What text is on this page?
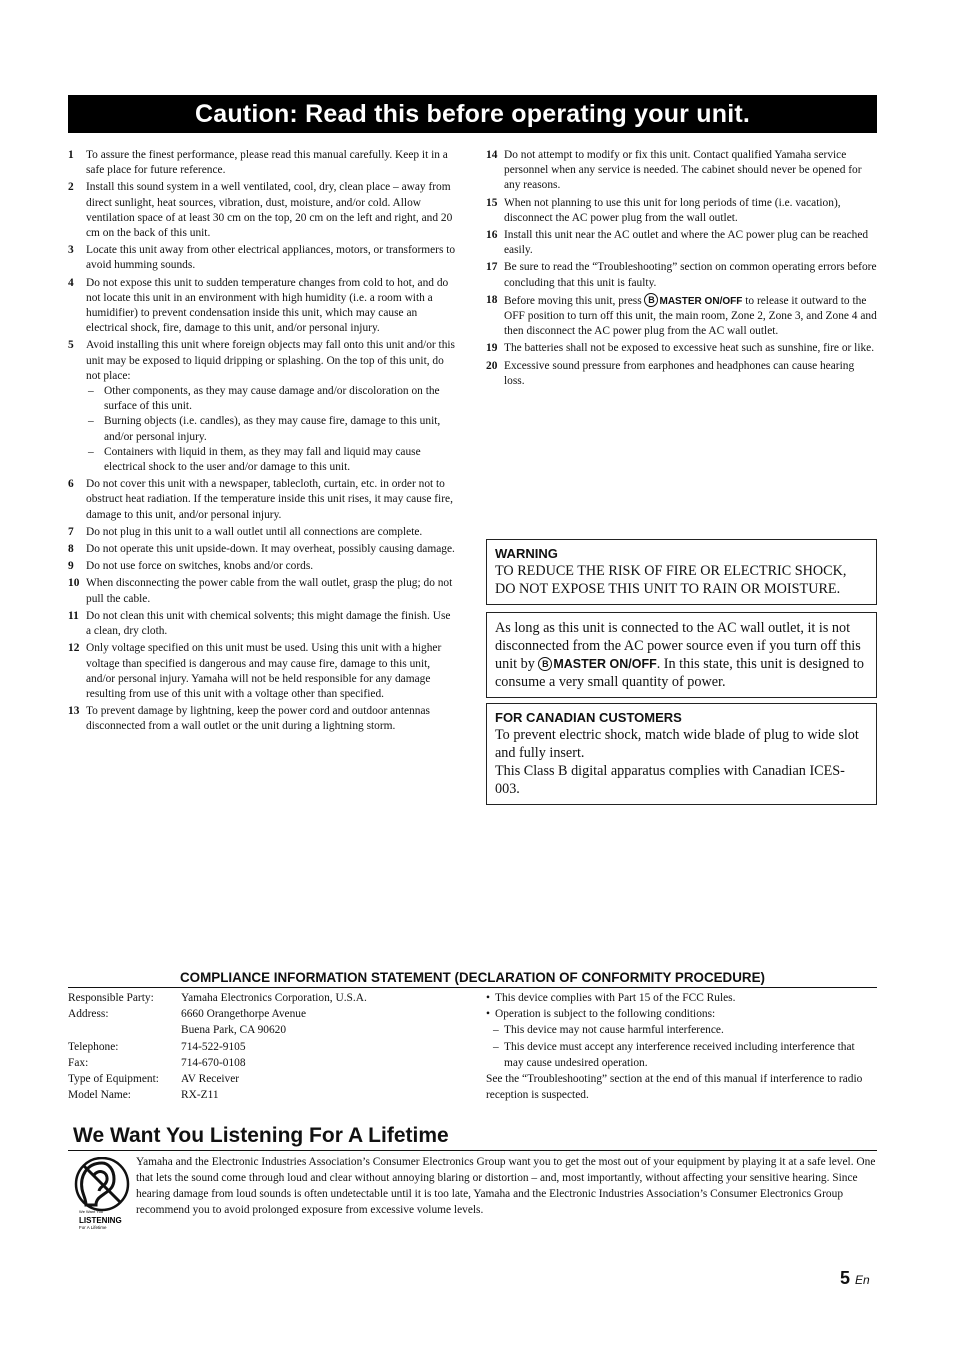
Caution: Read this before operating your unit.
1 To assure the finest performance, please read this manual carefully. Keep it in a safe place for future reference.
2 Install this sound system in a well ventilated, cool, dry, clean place – away from direct sunlight, heat sources, vibration, dust, moisture, and/or cold. Allow ventilation space of at least 30 cm on the top, 20 cm on the left and right, and 20 cm on the back of this unit.
3 Locate this unit away from other electrical appliances, motors, or transformers to avoid humming sounds.
4 Do not expose this unit to sudden temperature changes from cold to hot, and do not locate this unit in an environment with high humidity (i.e. a room with a humidifier) to prevent condensation inside this unit, which may cause an electrical shock, fire, damage to this unit, and/or personal injury.
5 Avoid installing this unit where foreign objects may fall onto this unit and/or this unit may be exposed to liquid dripping or splashing. On the top of this unit, do not place:
– Other components, as they may cause damage and/or discoloration on the surface of this unit.
– Burning objects (i.e. candles), as they may cause fire, damage to this unit, and/or personal injury.
– Containers with liquid in them, as they may fall and liquid may cause electrical shock to the user and/or damage to this unit.
6 Do not cover this unit with a newspaper, tablecloth, curtain, etc. in order not to obstruct heat radiation. If the temperature inside this unit rises, it may cause fire, damage to this unit, and/or personal injury.
7 Do not plug in this unit to a wall outlet until all connections are complete.
8 Do not operate this unit upside-down. It may overheat, possibly causing damage.
9 Do not use force on switches, knobs and/or cords.
10 When disconnecting the power cable from the wall outlet, grasp the plug; do not pull the cable.
11 Do not clean this unit with chemical solvents; this might damage the finish. Use a clean, dry cloth.
12 Only voltage specified on this unit must be used. Using this unit with a higher voltage than specified is dangerous and may cause fire, damage to this unit, and/or personal injury. Yamaha will not be held responsible for any damage resulting from use of this unit with a voltage other than specified.
13 To prevent damage by lightning, keep the power cord and outdoor antennas disconnected from a wall outlet or the unit during a lightning storm.
14 Do not attempt to modify or fix this unit. Contact qualified Yamaha service personnel when any service is needed. The cabinet should never be opened for any reasons.
15 When not planning to use this unit for long periods of time (i.e. vacation), disconnect the AC power plug from the wall outlet.
16 Install this unit near the AC outlet and where the AC power plug can be reached easily.
17 Be sure to read the “Troubleshooting” section on common operating errors before concluding that this unit is faulty.
18 Before moving this unit, press B MASTER ON/OFF to release it outward to the OFF position to turn off this unit, the main room, Zone 2, Zone 3, and Zone 4 and then disconnect the AC power plug from the AC wall outlet.
19 The batteries shall not be exposed to excessive heat such as sunshine, fire or like.
20 Excessive sound pressure from earphones and headphones can cause hearing loss.
WARNING
TO REDUCE THE RISK OF FIRE OR ELECTRIC SHOCK, DO NOT EXPOSE THIS UNIT TO RAIN OR MOISTURE.
As long as this unit is connected to the AC wall outlet, it is not disconnected from the AC power source even if you turn off this unit by B MASTER ON/OFF. In this state, this unit is designed to consume a very small quantity of power.
FOR CANADIAN CUSTOMERS
To prevent electric shock, match wide blade of plug to wide slot and fully insert.
This Class B digital apparatus complies with Canadian ICES-003.
COMPLIANCE INFORMATION STATEMENT (DECLARATION OF CONFORMITY PROCEDURE)
Responsible Party:	Yamaha Electronics Corporation, U.S.A.
Address:	6660 Orangethorpe Avenue
Buena Park, CA 90620
Telephone:	714-522-9105
Fax:	714-670-0108
Type of Equipment:	AV Receiver
Model Name:	RX-Z11
• This device complies with Part 15 of the FCC Rules.
• Operation is subject to the following conditions:
– This device may not cause harmful interference.
– This device must accept any interference received including interference that may cause undesired operation.
See the “Troubleshooting” section at the end of this manual if interference to radio reception is suspected.
We Want You Listening For A Lifetime
We Want You
LISTENING
For A Lifetime
Yamaha and the Electronic Industries Association’s Consumer Electronics Group want you to get the most out of your equipment by playing it at a safe level. One that lets the sound come through loud and clear without annoying blaring or distortion – and, most importantly, without affecting your sensitive hearing. Since hearing damage from loud sounds is often undetectable until it is too late, Yamaha and the Electronic Industries Association’s Consumer Electronics Group recommend you to avoid prolonged exposure from excessive volume levels.
5 En
